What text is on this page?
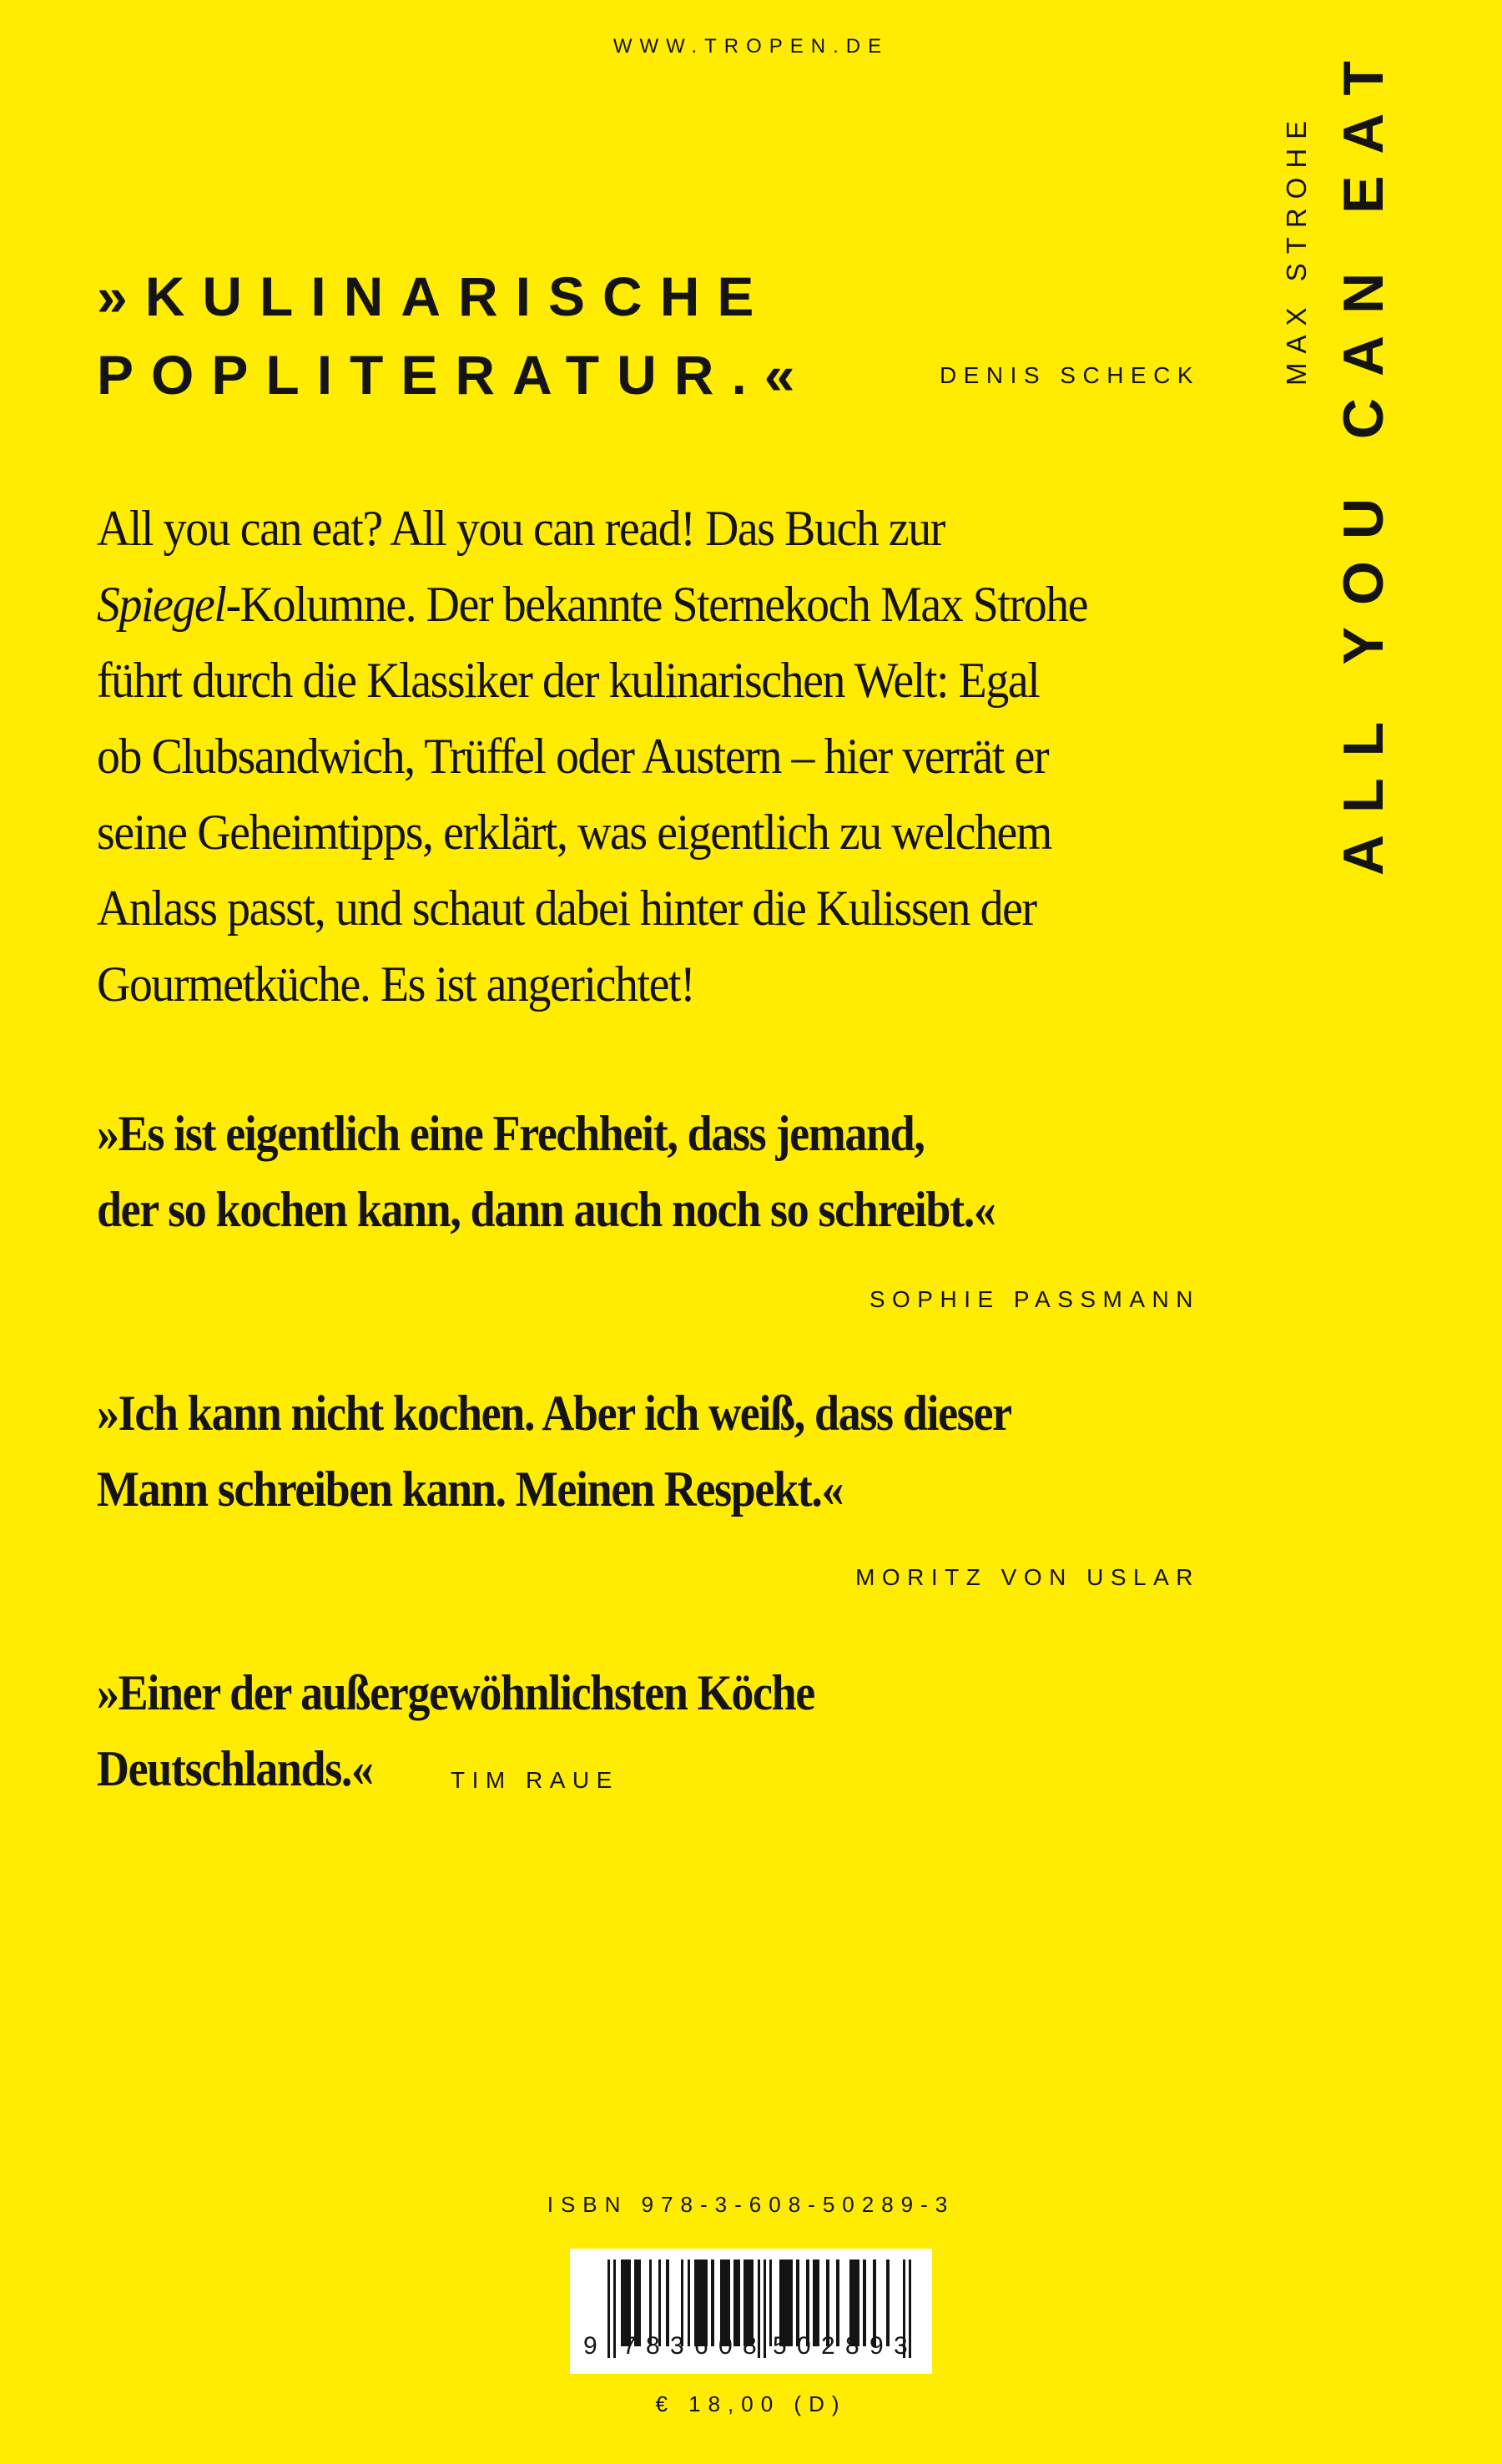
WWW.TROPEN.DE
»KULINARISCHE
POPLITERATUR.«	DENIS SCHECK
All you can eat? All you can read! Das Buch zur
Spiegel-Kolumne. Der bekannte Sternekoch Max Strohe
führt durch die Klassiker der kulinarischen Welt: Egal
ob Clubsandwich, Trüffel oder Austern – hier verrät er
seine Geheimtipps, erklärt, was eigentlich zu welchem
Anlass passt, und schaut dabei hinter die Kulissen der
Gourmetküche. Es ist angerichtet!
»Es ist eigentlich eine Frechheit, dass jemand,
der so kochen kann, dann auch noch so schreibt.«
SOPHIE PASSMANN
»Ich kann nicht kochen. Aber ich weiß, dass dieser
Mann schreiben kann. Meinen Respekt.«
MORITZ VON USLAR
»Einer der außergewöhnlichsten Köche
Deutschlands.«	TIM RAUE
MAX STROHE ALL YOU CAN EAT
ISBN 978-3-608-50289-3
9 7 8 3 6 0 8 5 0 2 8 9 3
€ 18,00 (D)
